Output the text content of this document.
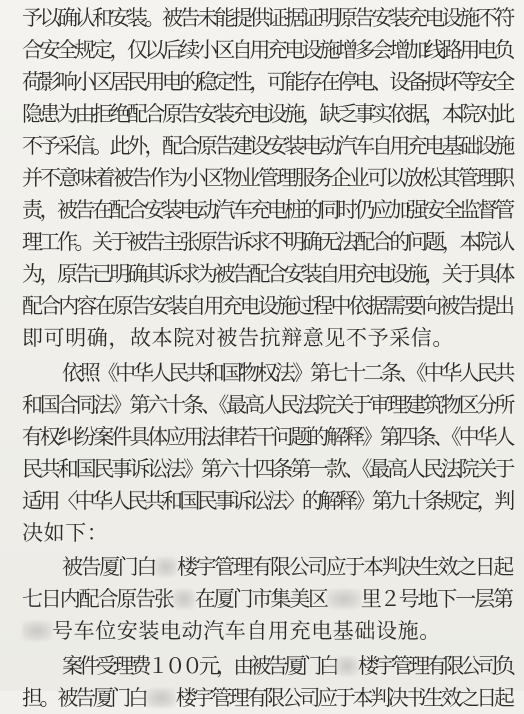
予以确认和安装。被告未能提供证据证明原告安装充电设施不符
合安全规定，仅以后续小区自用充电设施增多会增加线路用电负
荷影响小区居民用电的稳定性，可能存在停电、设备损坏等安全
隐患为由拒绝配合原告安装充电设施，缺乏事实依据，本院对此
不予采信。此外，配合原告建设安装电动汽车自用充电基础设施
并不意味着被告作为小区物业管理服务企业可以放松其管理职
责，被告在配合安装电动汽车充电桩的同时仍应加强安全监督管
理工作。关于被告主张原告诉求不明确无法配合的问题，本院认
为，原告已明确其诉求为被告配合安装自用充电设施，关于具体
配合内容在原告安装自用充电设施过程中依据需要向被告提出
即可明确，故本院对被告抗辩意见不予采信。
依照《中华人民共和国物权法》第七十二条、《中华人民共
和国合同法》第六十条、《最高人民法院关于审理建筑物区分所
有权纠纷案件具体应用法律若干问题的解释》第四条、《中华人
民共和国民事诉讼法》第六十四条第一款、《最高人民法院关于
适用〈中华人民共和国民事诉讼法〉的解释》第九十条规定，判
决如下：
被告厦门白 楼宇管理有限公司应于本判决生效之日起
七日内配合原告张 在厦门市集美区 里２号地下一层第
号车位安装电动汽车自用充电基础设施。
案件受理费１００元，由被告厦门白 楼宇管理有限公司负
担。被告厦门白 楼宇管理有限公司应于本判决书生效之日起
